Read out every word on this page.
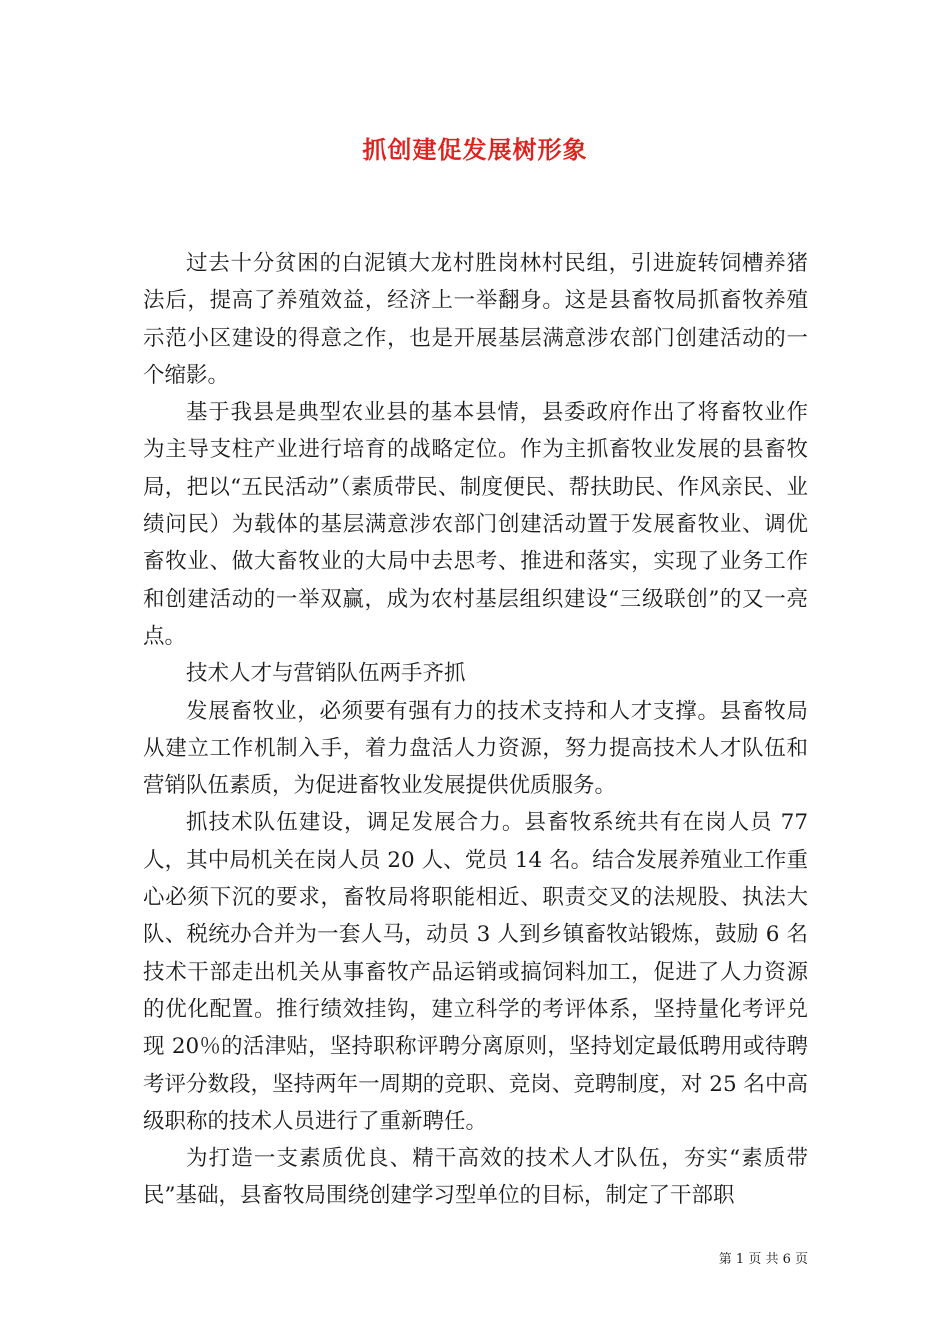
抓创建促发展树形象

过去十分贫困的白泥镇大龙村胜岗林村民组，引进旋转饲槽养猪法后，提高了养殖效益，经济上一举翻身。这是县畜牧局抓畜牧养殖示范小区建设的得意之作，也是开展基层满意涉农部门创建活动的一个缩影。

基于我县是典型农业县的基本县情，县委政府作出了将畜牧业作为主导支柱产业进行培育的战略定位。作为主抓畜牧业发展的县畜牧局，把以“五民活动”（素质带民、制度便民、帮扶助民、作风亲民、业绩问民）为载体的基层满意涉农部门创建活动置于发展畜牧业、调优畜牧业、做大畜牧业的大局中去思考、推进和落实，实现了业务工作和创建活动的一举双赢，成为农村基层组织建设“三级联创”的又一亮点。

技术人才与营销队伍两手齐抓

发展畜牧业，必须要有强有力的技术支持和人才支撑。县畜牧局从建立工作机制入手，着力盘活人力资源，努力提高技术人才队伍和营销队伍素质，为促进畜牧业发展提供优质服务。

抓技术队伍建设，调足发展合力。县畜牧系统共有在岗人员 77 人，其中局机关在岗人员 20 人、党员 14 名。结合发展养殖业工作重心必须下沉的要求，畜牧局将职能相近、职责交叉的法规股、执法大队、税统办合并为一套人马，动员 3 人到乡镇畜牧站锻炼，鼓励 6 名技术干部走出机关从事畜牧产品运销或搞饲料加工，促进了人力资源的优化配置。推行绩效挂钩，建立科学的考评体系，坚持量化考评兑现 20％的活津贴，坚持职称评聘分离原则，坚持划定最低聘用或待聘考评分数段，坚持两年一周期的竞职、竞岗、竞聘制度，对 25 名中高级职称的技术人员进行了重新聘任。

为打造一支素质优良、精干高效的技术人才队伍，夯实“素质带民”基础，县畜牧局围绕创建学习型单位的目标，制定了干部职

第 1 页 共 6 页
